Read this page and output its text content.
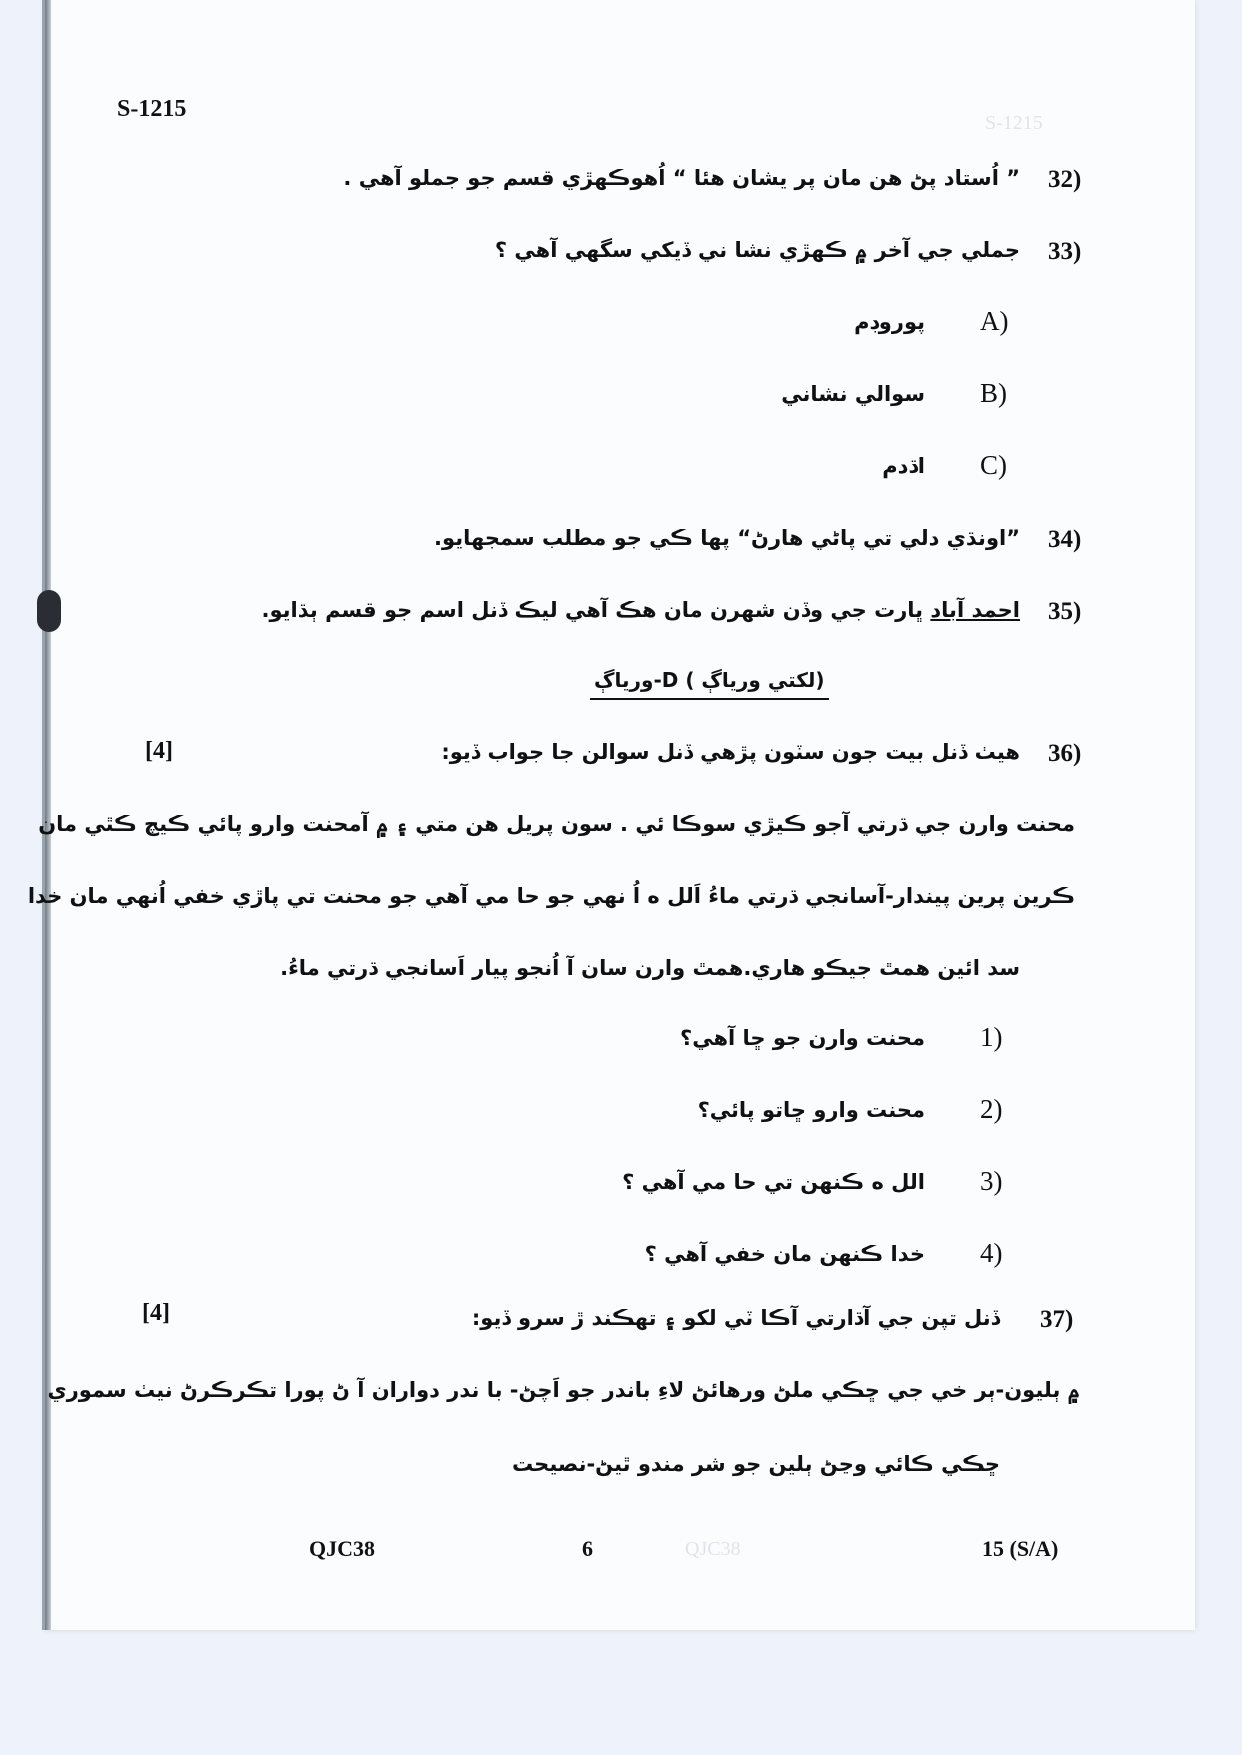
S-1215
QJC38
S-1215
32)
” اُستاد پڻ هن مان پر يشان هئا “ اُهوڪهڙي قسم جو جملو آهي .
33)
جملي جي آخر ۾ ڪهڙي نشا ني ڏيکي سگهي آهي ؟
A)
پوروڊم
B)
سوالي نشاني
C)
اڌدم
34)
”اونڌي دلي تي پاڻي هارڻ“ پها ڪي جو مطلب سمجهايو.
35)
احمد آباد ڀارت جي وڏن شهرن مان هڪ آهي ليڪ ڏنل اسم جو قسم ٻڌايو.
ورياڳ-D ( لکتي ورياڳ)
[4]	36)
هيٺ ڏنل بيت جون سٽون پڙهي ڏنل سوالن جا جواب ڏيو:
محنت وارن جي ڌرتي آجو ڪيڙي سوڪا ئي . سون پريل هن متي ۽ ۾ آمحنت وارو پائي ڪيچ ڪٿي مان
ڪرين پرين پيندار-آسانجي ڌرتي ماءُ اَلل ه اُ نهي جو حا مي آهي جو محنت تي پاڙي خفي اُنهي مان خدا
سد ائين همٿ جيڪو هاري.همٿ وارن سان آ اُنجو پيار اَسانجي ڌرتي ماءُ.
1)
محنت وارن جو ڇا آهي؟
2)
محنت وارو ڇاتو پائي؟
3)
الل ه ڪنهن تي حا مي آهي ؟
4)
خدا ڪنهن مان خفي آهي ؟
[4]	37)
ڏنل تپن جي آڌارتي آڪا ٽي لکو ۽ تهڪند ڙ سرو ڏيو:
۾ ٻليون-ٻر خي جي ڇڪي ملڻ ورهائڻ لاءِ باندر جو اَچڻ- با ندر دواران آ ڻ پورا تڪرڪرڻ نيٺ سموري
ڇڪي ڪائي وڃڻ ٻلين جو شر مندو ٿيڻ-نصيحت
QJC38	6	15 (S/A)
